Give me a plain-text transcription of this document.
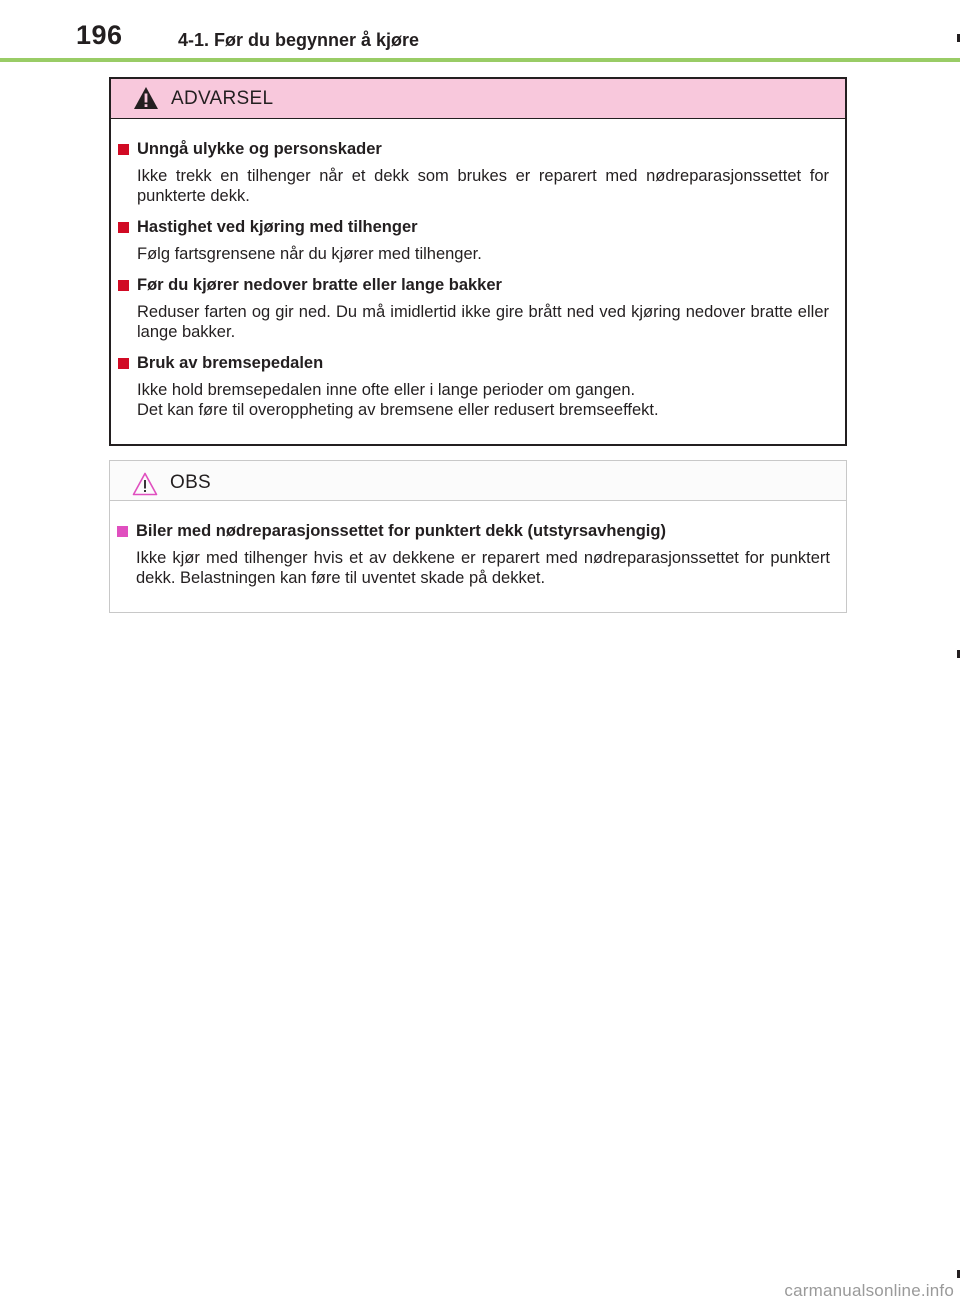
196	4-1. Før du begynner å kjøre
ADVARSEL
Unngå ulykke og personskader
Ikke trekk en tilhenger når et dekk som brukes er reparert med nødreparasjonssettet for punkterte dekk.
Hastighet ved kjøring med tilhenger
Følg fartsgrensene når du kjører med tilhenger.
Før du kjører nedover bratte eller lange bakker
Reduser farten og gir ned. Du må imidlertid ikke gire brått ned ved kjøring nedover bratte eller lange bakker.
Bruk av bremsepedalen
Ikke hold bremsepedalen inne ofte eller i lange perioder om gangen.
Det kan føre til overoppheting av bremsene eller redusert bremseeffekt.
OBS
Biler med nødreparasjonssettet for punktert dekk (utstyrsavhengig)
Ikke kjør med tilhenger hvis et av dekkene er reparert med nødreparasjonssettet for punktert dekk. Belastningen kan føre til uventet skade på dekket.
carmanualsonline.info
